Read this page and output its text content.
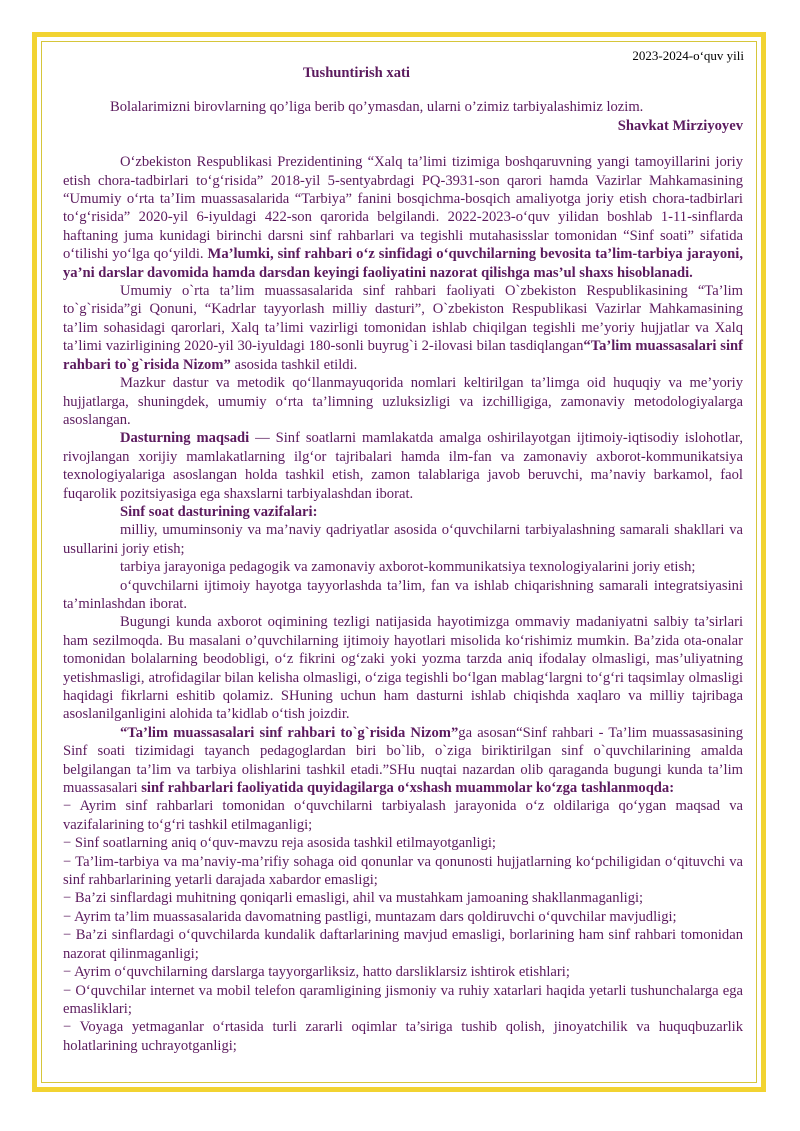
2023-2024-o‘quv yili
Tushuntirish xati

Bolalarimizni birovlarning qo’liga berib qo’ymasdan, ularni o’zimiz tarbiyalashimiz lozim.

Shavkat Mirziyoyev

O‘zbekiston Respublikasi Prezidentining “Xalq ta’limi tizimiga boshqaruvning yangi tamoyillarini joriy etish chora-tadbirlari to‘g‘risida” 2018-yil 5-sentyabrdagi PQ-3931-son qarori hamda Vazirlar Mahkamasining “Umumiy o‘rta taʼIim muassasalarida “Tarbiya” fanini bosqichma-bosqich amaliyotga joriy etish chora-tadbirlari to‘g‘risida” 2020-yil 6-iyuldagi 422-son qarorida belgilandi. 2022-2023-o‘quv yilidan boshlab 1-11-sinflarda haftaning juma kunidagi birinchi darsni sinf rahbarlari va tegishli mutahasisslar tomonidan “Sinf soati” sifatida o‘tilishi yo‘lga qo‘yildi. Ma’lumki, sinf rahbari o‘z sinfidagi o‘quvchilarning bevosita ta’lim-tarbiya jarayoni, ya’ni darslar davomida hamda darsdan keyingi faoliyatini nazorat qilishga mas’ul shaxs hisoblanadi.

Umumiy o`rta ta’lim muassasalarida sinf rahbari faoliyati O`zbekiston Respublikasining “Ta’lim to`g`risida”gi Qonuni, “Kadrlar tayyorlash milliy dasturi”, O`zbekiston Respublikasi Vazirlar Mahkamasining ta’lim sohasidagi qarorlari, Xalq ta’limi vazirligi tomonidan ishlab chiqilgan tegishli me’yoriy hujjatlar va Xalq ta’limi vazirligining 2020-yil 30-iyuldagi 180-sonli buyrug`i 2-ilovasi bilan tasdiqlangan“Ta’lim muassasalari sinf rahbari to`g`risida Nizom” asosida tashkil etildi.

Mazkur dastur va metodik qo‘llanmayuqorida nomlari keltirilgan ta’limga oid huquqiy va me’yoriy hujjatlarga, shuningdek, umumiy o‘rta ta’limning uzluksizligi va izchilligiga, zamonaviy metodologiyalarga asoslangan.

Dasturning maqsadi — Sinf soatlarni mamlakatda amalga oshirilayotgan ijtimoiy-iqtisodiy islohotlar, rivojlangan xorijiy mamlakatlarning ilg‘or tajribalari hamda ilm-fan va zamonaviy axborot-kommunikatsiya texnologiyalariga asoslangan holda tashkil etish, zamon talablariga javob beruvchi, ma’naviy barkamol, faol fuqarolik pozitsiyasiga ega shaxslarni tarbiyalashdan iborat.

Sinf soat dasturining vazifalari:

milliy, umuminsoniy va ma’naviy qadriyatlar asosida o‘quvchilarni tarbiyalashning samarali shakllari va usullarini joriy etish;

tarbiya jarayoniga pedagogik va zamonaviy axborot-kommunikatsiya texnologiyalarini joriy etish;

o‘quvchilarni ijtimoiy hayotga tayyorlashda ta’lim, fan va ishlab chiqarishning samarali integratsiyasini ta’minlashdan iborat.

Bugungi kunda axborot oqimining tezligi natijasida hayotimizga ommaviy madaniyatni salbiy ta’sirlari ham sezilmoqda. Bu masalani o’quvchilarning ijtimoiy hayotlari misolida ko‘rishimiz mumkin. Ba’zida ota-onalar tomonidan bolalarning beodobligi, o‘z fikrini og‘zaki yoki yozma tarzda aniq ifodalay olmasligi, mas’uliyatning yetishmasligi, atrofidagilar bilan kelisha olmasligi, o‘ziga tegishli bo‘lgan mablag‘largni to‘g‘ri taqsimlay olmasligi haqidagi fikrlarni eshitib qolamiz. SHuning uchun ham dasturni ishlab chiqishda xaqlaro va milliy tajribaga asoslanilganligini alohida ta’kidlab o‘tish joizdir.

“Ta’lim muassasalari sinf rahbari to`g`risida Nizom”ga asosan“Sinf rahbari - Ta’lim muassasasining Sinf soati tizimidagi tayanch pedagoglardan biri bo`lib, o`ziga biriktirilgan sinf o`quvchilarining amalda belgilangan ta’lim va tarbiya olishlarini tashkil etadi.”SHu nuqtai nazardan olib qaraganda bugungi kunda ta’lim muassasalari sinf rahbarlari faoliyatida quyidagilarga o‘xshash muammolar ko‘zga tashlanmoqda:

− Ayrim sinf rahbarlari tomonidan o‘quvchilarni tarbiyalash jarayonida o‘z oldilariga qo‘ygan maqsad va vazifalarining to‘g‘ri tashkil etilmaganligi;

− Sinf soatlarning aniq o‘quv-mavzu reja asosida tashkil etilmayotganligi;

− Ta’lim-tarbiya va ma’naviy-ma’rifiy sohaga oid qonunlar va qonunosti hujjatlarning ko‘pchiligidan o‘qituvchi va sinf rahbarlarining yetarli darajada xabardor emasligi;

− Ba’zi sinflardagi muhitning qoniqarli emasligi, ahil va mustahkam jamoaning shakllanmaganligi;

− Ayrim ta’lim muassasalarida davomatning pastligi, muntazam dars qoldiruvchi o‘quvchilar mavjudligi;

− Ba’zi sinflardagi o‘quvchilarda kundalik daftarlarining mavjud emasligi, borlarining ham sinf rahbari tomonidan nazorat qilinmaganligi;

− Ayrim o‘quvchilarning darslarga tayyorgarliksiz, hatto darsliklarsiz ishtirok etishlari;

− O‘quvchilar internet va mobil telefon qaramligining jismoniy va ruhiy xatarlari haqida yetarli tushunchalarga ega emasliklari;

− Voyaga yetmaganlar o‘rtasida turli zararli oqimlar ta’siriga tushib qolish, jinoyatchilik va huquqbuzarlik holatlarining uchrayotganligi;
